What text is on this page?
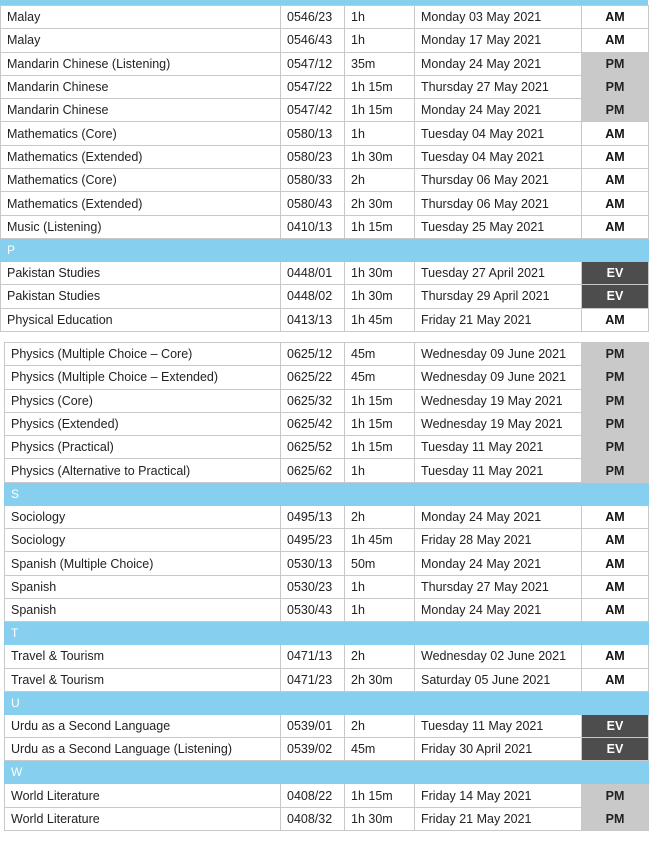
Malay	0546/23	1h	Monday 03 May 2021	AM
Malay	0546/43	1h	Monday 17 May 2021	AM
Mandarin Chinese (Listening)	0547/12	35m	Monday 24 May 2021	PM
Mandarin Chinese	0547/22	1h 15m	Thursday 27 May 2021	PM
Mandarin Chinese	0547/42	1h 15m	Monday 24 May 2021	PM
Mathematics (Core)	0580/13	1h	Tuesday 04 May 2021	AM
Mathematics (Extended)	0580/23	1h 30m	Tuesday 04 May 2021	AM
Mathematics (Core)	0580/33	2h	Thursday 06 May 2021	AM
Mathematics (Extended)	0580/43	2h 30m	Thursday 06 May 2021	AM
Music (Listening)	0410/13	1h 15m	Tuesday 25 May 2021	AM
P				
Pakistan Studies	0448/01	1h 30m	Tuesday 27 April 2021	EV
Pakistan Studies	0448/02	1h 30m	Thursday 29 April 2021	EV
Physical Education	0413/13	1h 45m	Friday 21 May 2021	AM
Physics (Multiple Choice – Core)	0625/12	45m	Wednesday 09 June 2021	PM
Physics (Multiple Choice – Extended)	0625/22	45m	Wednesday 09 June 2021	PM
Physics (Core)	0625/32	1h 15m	Wednesday 19 May 2021	PM
Physics (Extended)	0625/42	1h 15m	Wednesday 19 May 2021	PM
Physics (Practical)	0625/52	1h 15m	Tuesday 11 May 2021	PM
Physics (Alternative to Practical)	0625/62	1h	Tuesday 11 May 2021	PM
S				
Sociology	0495/13	2h	Monday 24 May 2021	AM
Sociology	0495/23	1h 45m	Friday 28 May 2021	AM
Spanish (Multiple Choice)	0530/13	50m	Monday 24 May 2021	AM
Spanish	0530/23	1h	Thursday 27 May 2021	AM
Spanish	0530/43	1h	Monday 24 May 2021	AM
T				
Travel & Tourism	0471/13	2h	Wednesday 02 June 2021	AM
Travel & Tourism	0471/23	2h 30m	Saturday 05 June 2021	AM
U				
Urdu as a Second Language	0539/01	2h	Tuesday 11 May 2021	EV
Urdu as a Second Language (Listening)	0539/02	45m	Friday 30 April 2021	EV
W				
World Literature	0408/22	1h 15m	Friday 14 May 2021	PM
World Literature	0408/32	1h 30m	Friday 21 May 2021	PM
